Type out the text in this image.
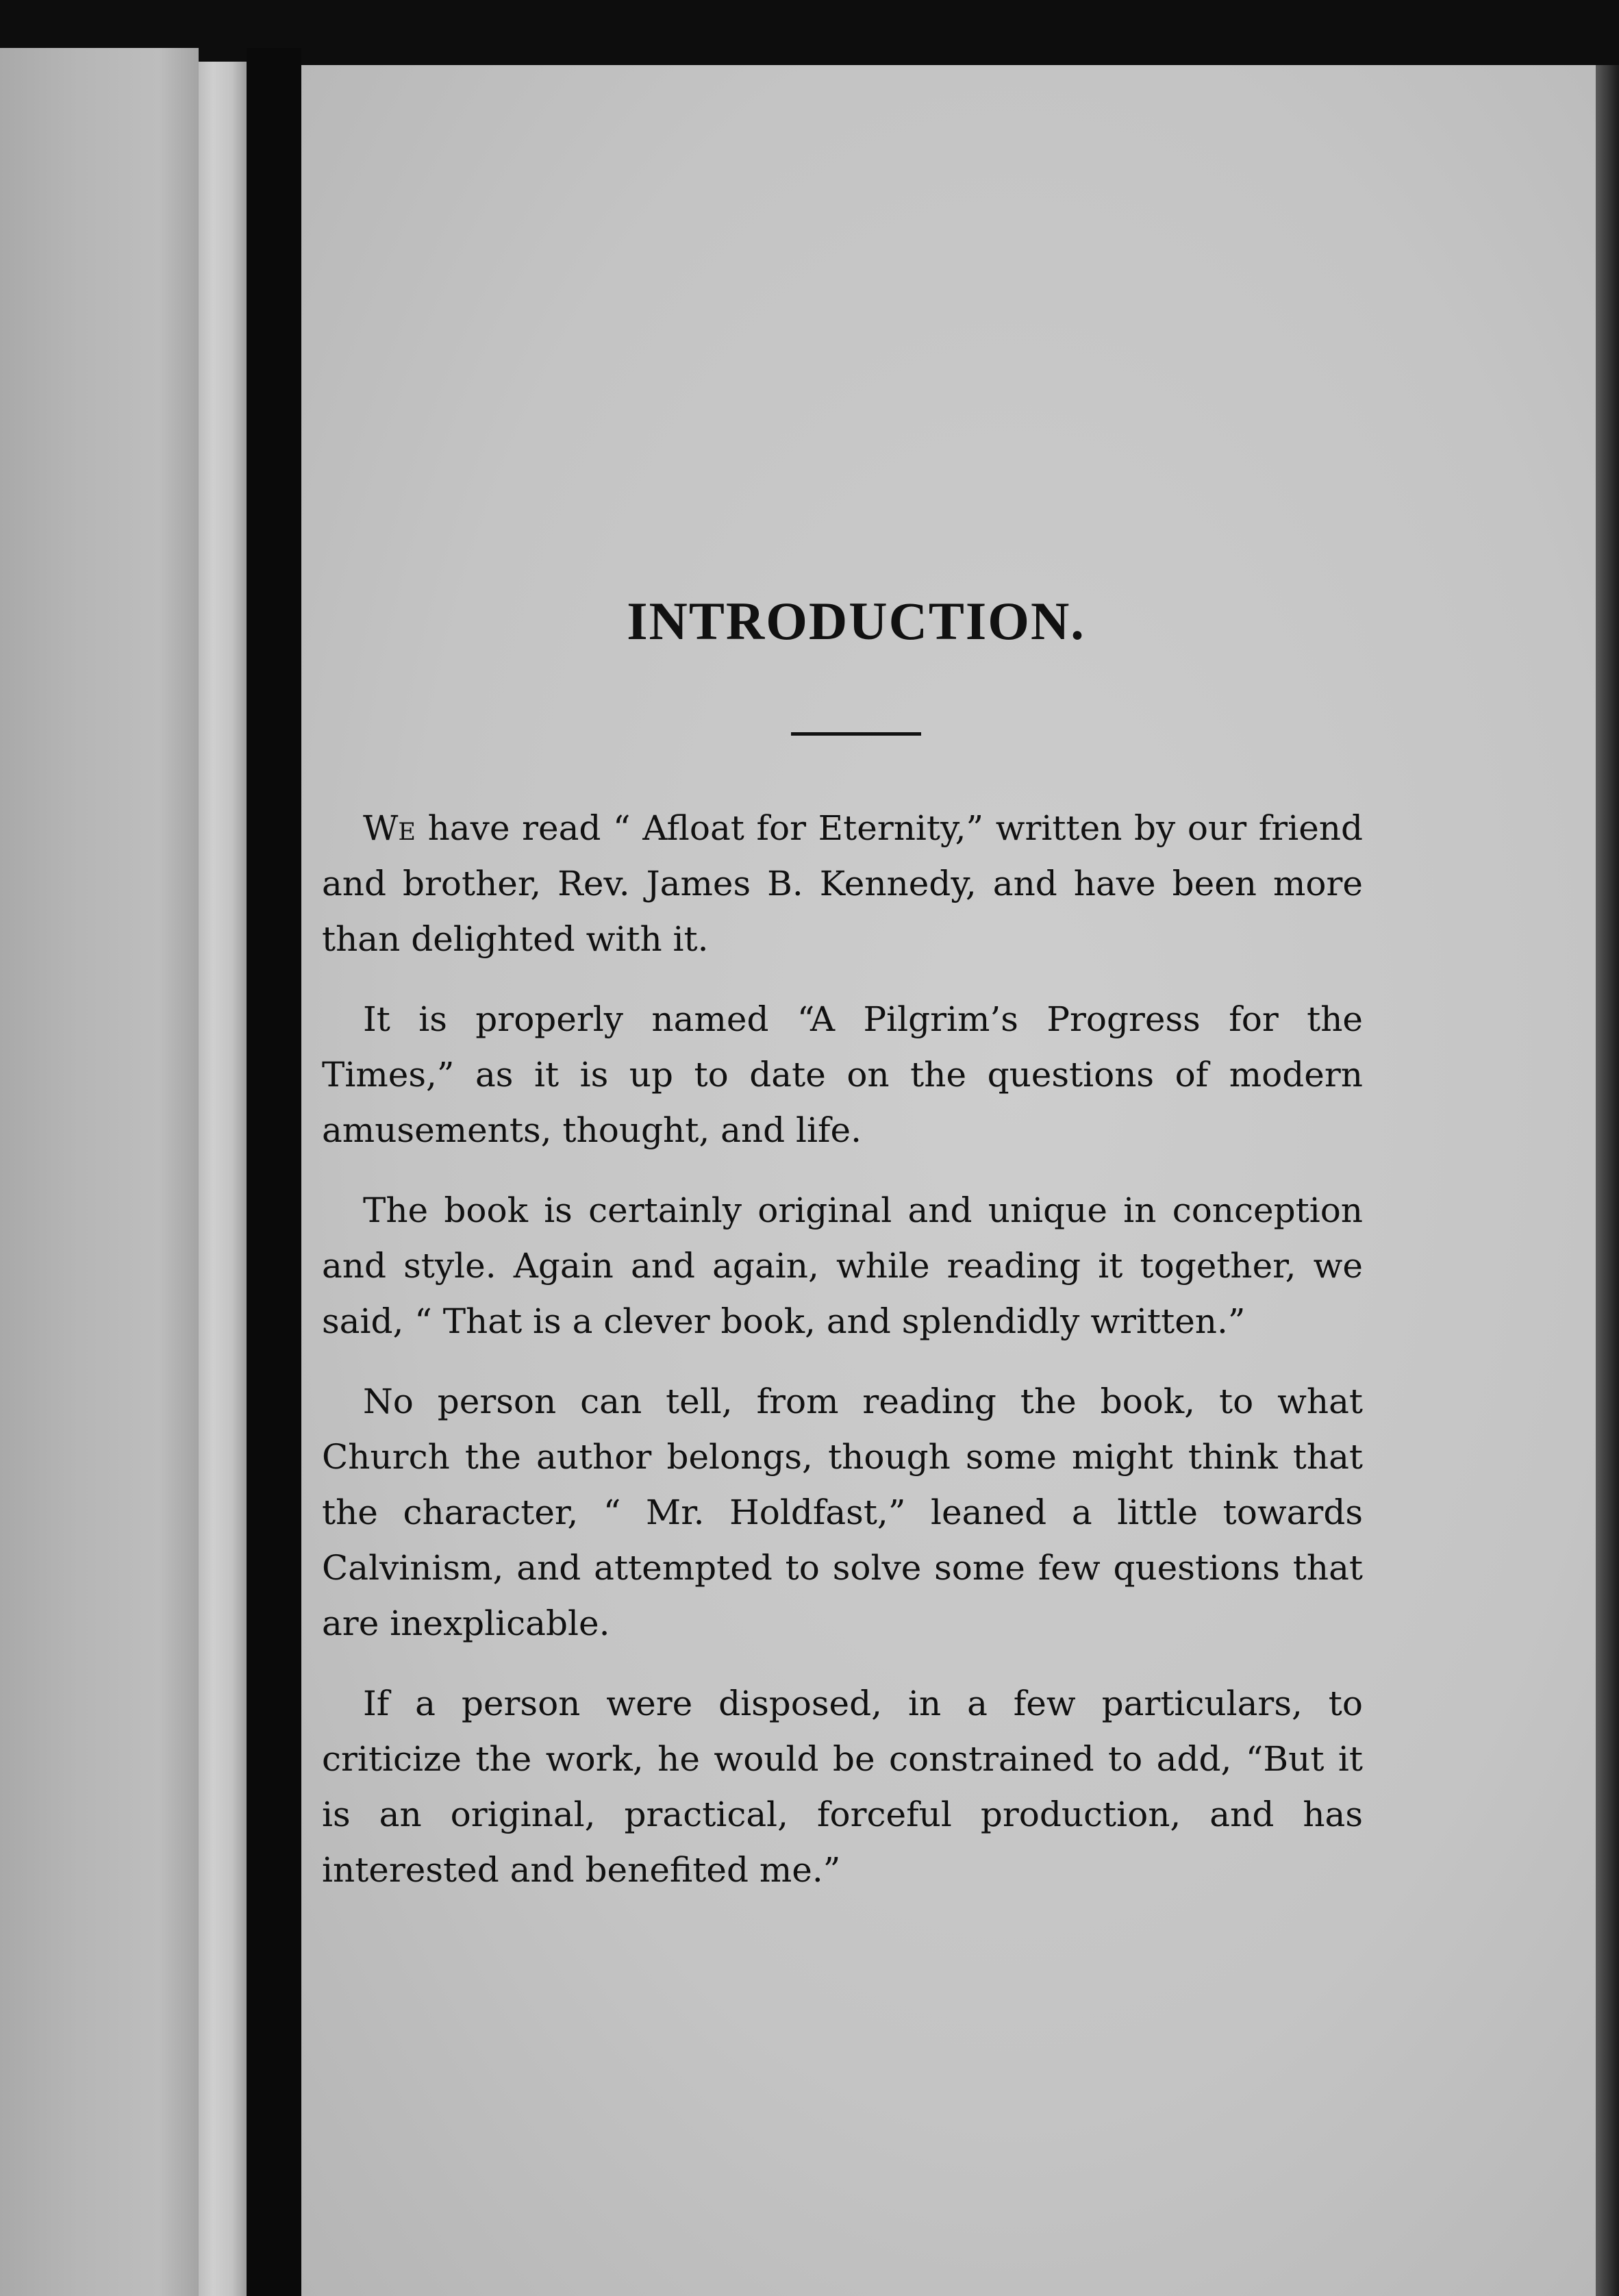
INTRODUCTION.

We have read “ Afloat for Eternity,” written by our friend and brother, Rev. James B. Kennedy, and have been more than delighted with it.

It is properly named “A Pilgrim’s Progress for the Times,” as it is up to date on the questions of modern amusements, thought, and life.

The book is certainly original and unique in conception and style. Again and again, while reading it together, we said, “ That is a clever book, and splendidly written.”

No person can tell, from reading the book, to what Church the author belongs, though some might think that the character, “ Mr. Holdfast,” leaned a little towards Calvinism, and attempted to solve some few questions that are inexplicable.

If a person were disposed, in a few particulars, to criticize the work, he would be constrained to add, “But it is an original, practical, forceful production, and has interested and benefited me.”
